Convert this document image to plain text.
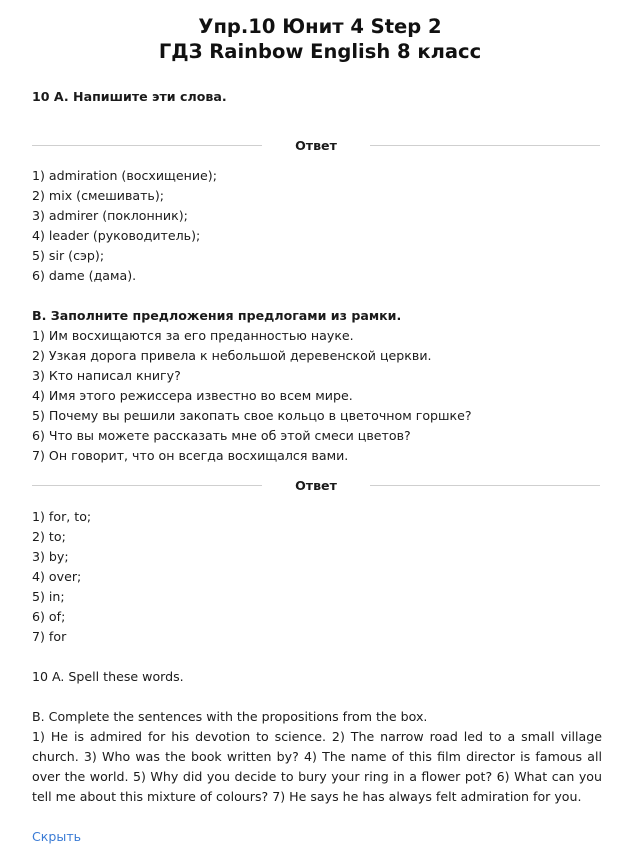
Упр.10 Юнит 4 Step 2
ГДЗ Rainbow English 8 класс
10 A. Напишите эти слова.
Ответ
1) admiration (восхищение);
2) mix (смешивать);
3) admirer (поклонник);
4) leader (руководитель);
5) sir (сэр);
6) dame (дама).
B. Заполните предложения предлогами из рамки.
1) Им восхищаются за его преданностью науке.
2) Узкая дорога привела к небольшой деревенской церкви.
3) Кто написал книгу?
4) Имя этого режиссера известно во всем мире.
5) Почему вы решили закопать свое кольцо в цветочном горшке?
6) Что вы можете рассказать мне об этой смеси цветов?
7) Он говорит, что он всегда восхищался вами.
Ответ
1) for, to;
2) to;
3) by;
4) over;
5) in;
6) of;
7) for
10 A. Spell these words.
B. Complete the sentences with the propositions from the box.
1) He is admired for his devotion to science. 2) The narrow road led to a small village church. 3) Who was the book written by? 4) The name of this film director is famous all over the world. 5) Why did you decide to bury your ring in a flower pot? 6) What can you tell me about this mixture of colours? 7) He says he has always felt admiration for you.
Скрыть
